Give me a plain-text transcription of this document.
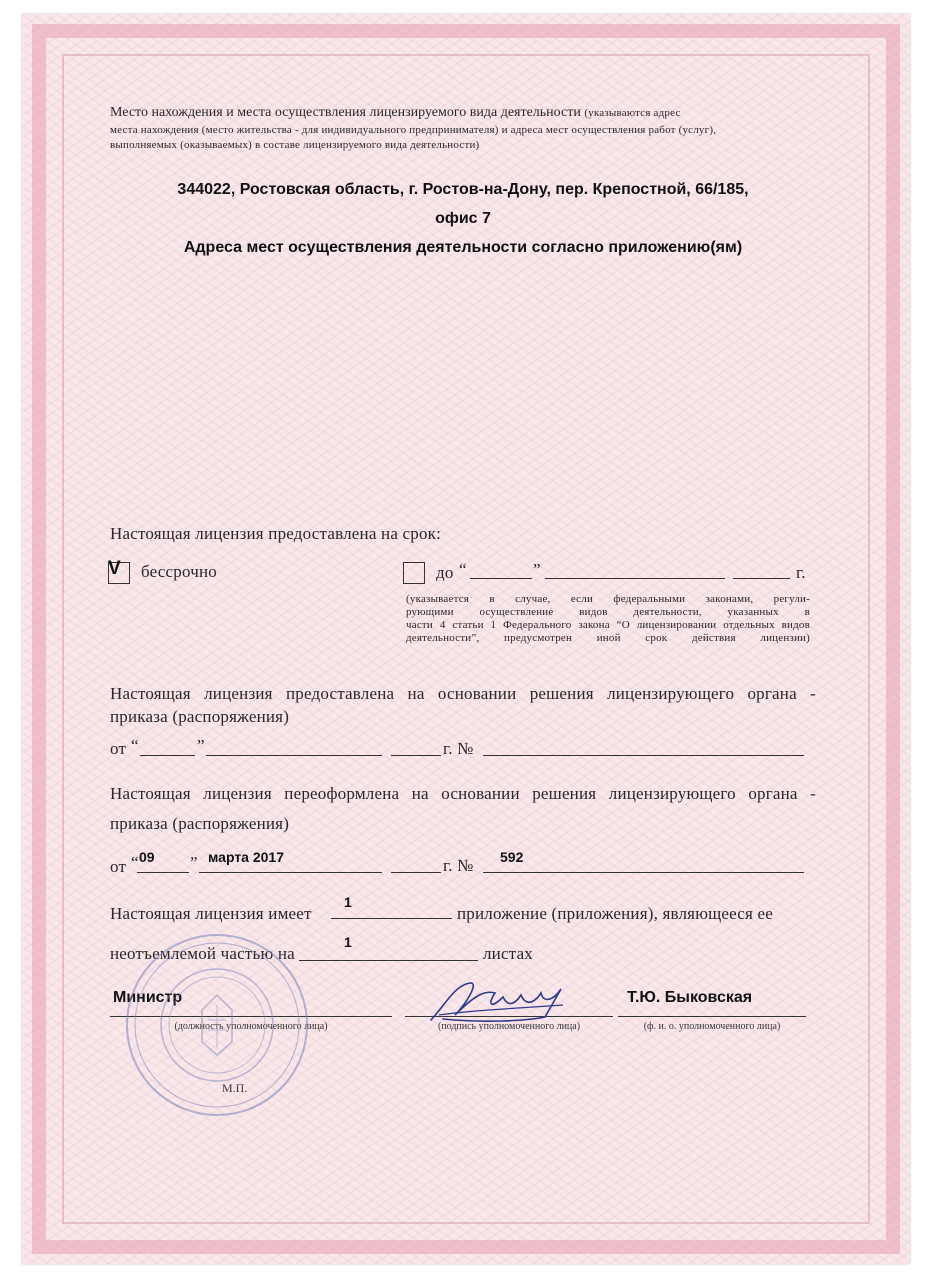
Место нахождения и места осуществления лицензируемого вида деятельности (указываются адрес
места нахождения (место жительства - для индивидуального предпринимателя) и адреса мест осуществления работ (услуг),
выполняемых (оказываемых) в составе лицензируемого вида деятельности)
344022, Ростовская область, г. Ростов-на-Дону, пер. Крепостной, 66/185,
офис 7
Адреса мест осуществления деятельности согласно приложению(ям)
Настоящая лицензия предоставлена на срок:
V бессрочно	до “	”	г.
(указывается в случае, если федеральными законами, регули-
рующими осуществление видов деятельности, указанных в
части 4 статьи 1 Федерального закона “О лицензировании отдельных видов
деятельности”, предусмотрен иной срок действия лицензии)
Настоящая лицензия предоставлена на основании решения лицензирующего органа -
приказа (распоряжения)
от “	”	г. №
Настоящая лицензия переоформлена на основании решения лицензирующего органа -
приказа (распоряжения)
от “ 09 ” марта 2017	г. № 592
Настоящая лицензия имеет
1
приложение (приложения), являющееся ее
неотъемлемой частью на
1
листах
Министр	Т.Ю. Быковская
(должность уполномоченного лица)	(подпись уполномоченного лица)	(ф. и. о. уполномоченного лица)
М.П.
